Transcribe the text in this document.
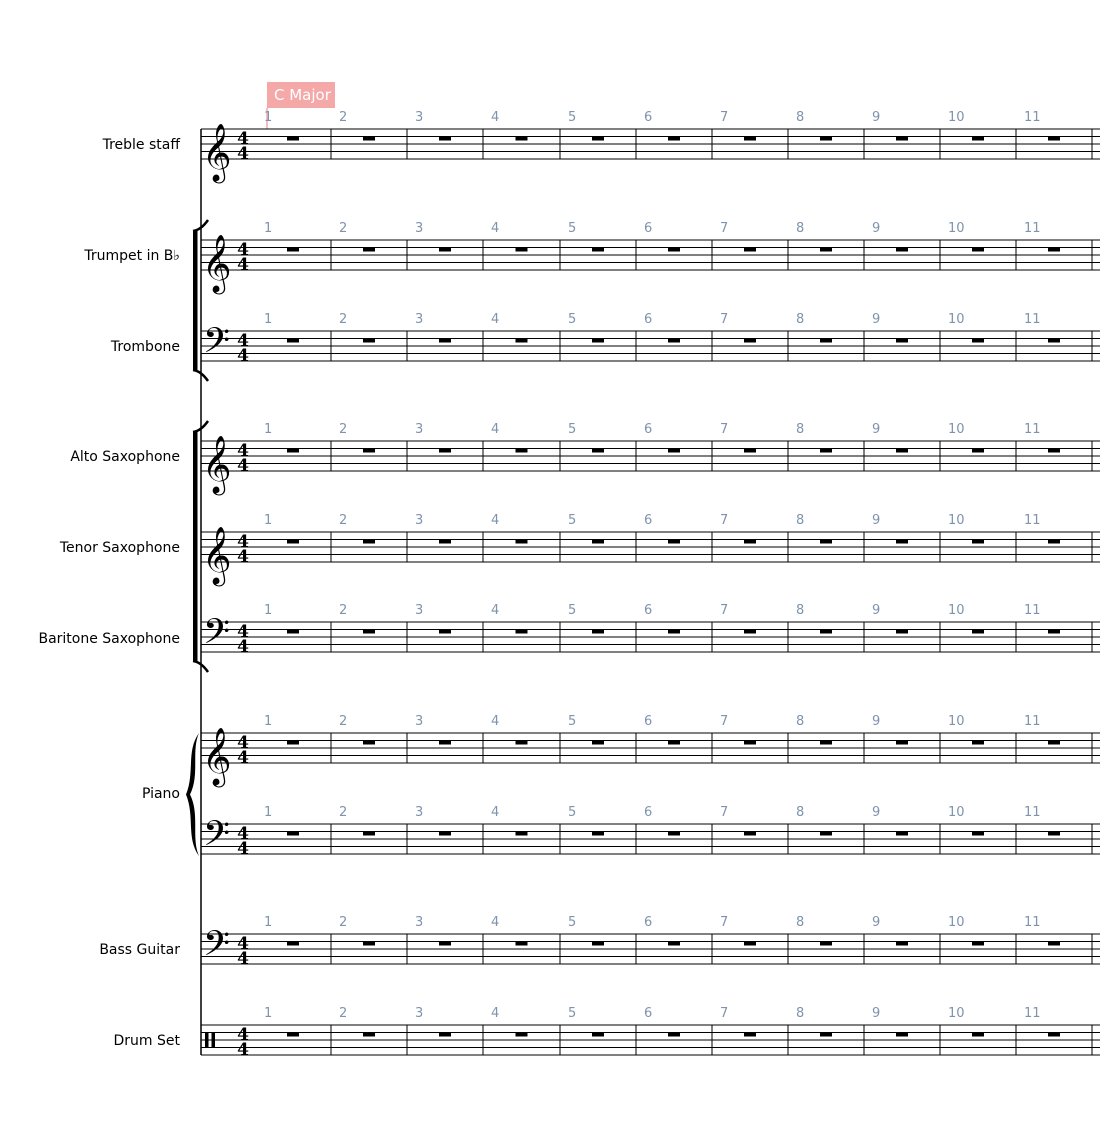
C Major
𝄞 4
4
1	2	3	4	5	6	7	8	9	10	11
𝄞 4
4
1	2	3	4	5	6	7	8	9	10	11
𝄢 4
4
1	2	3	4	5	6	7	8	9	10	11
𝄞 4
4
1	2	3	4	5	6	7	8	9	10	11
𝄞 4
4
1	2	3	4	5	6	7	8	9	10	11
𝄢 4
4
1	2	3	4	5	6	7	8	9	10	11
𝄞 4
4
1	2	3	4	5	6	7	8	9	10	11
𝄢 4
4
1	2	3	4	5	6	7	8	9	10	11
𝄢 4
4
1	2	3	4	5	6	7	8	9	10	11
4
4
1	2	3	4	5	6	7	8	9	10	11
Treble staff
Trumpet in B♭
Trombone
Alto Saxophone
Tenor Saxophone
Baritone Saxophone
Piano
Bass Guitar
Drum Set
